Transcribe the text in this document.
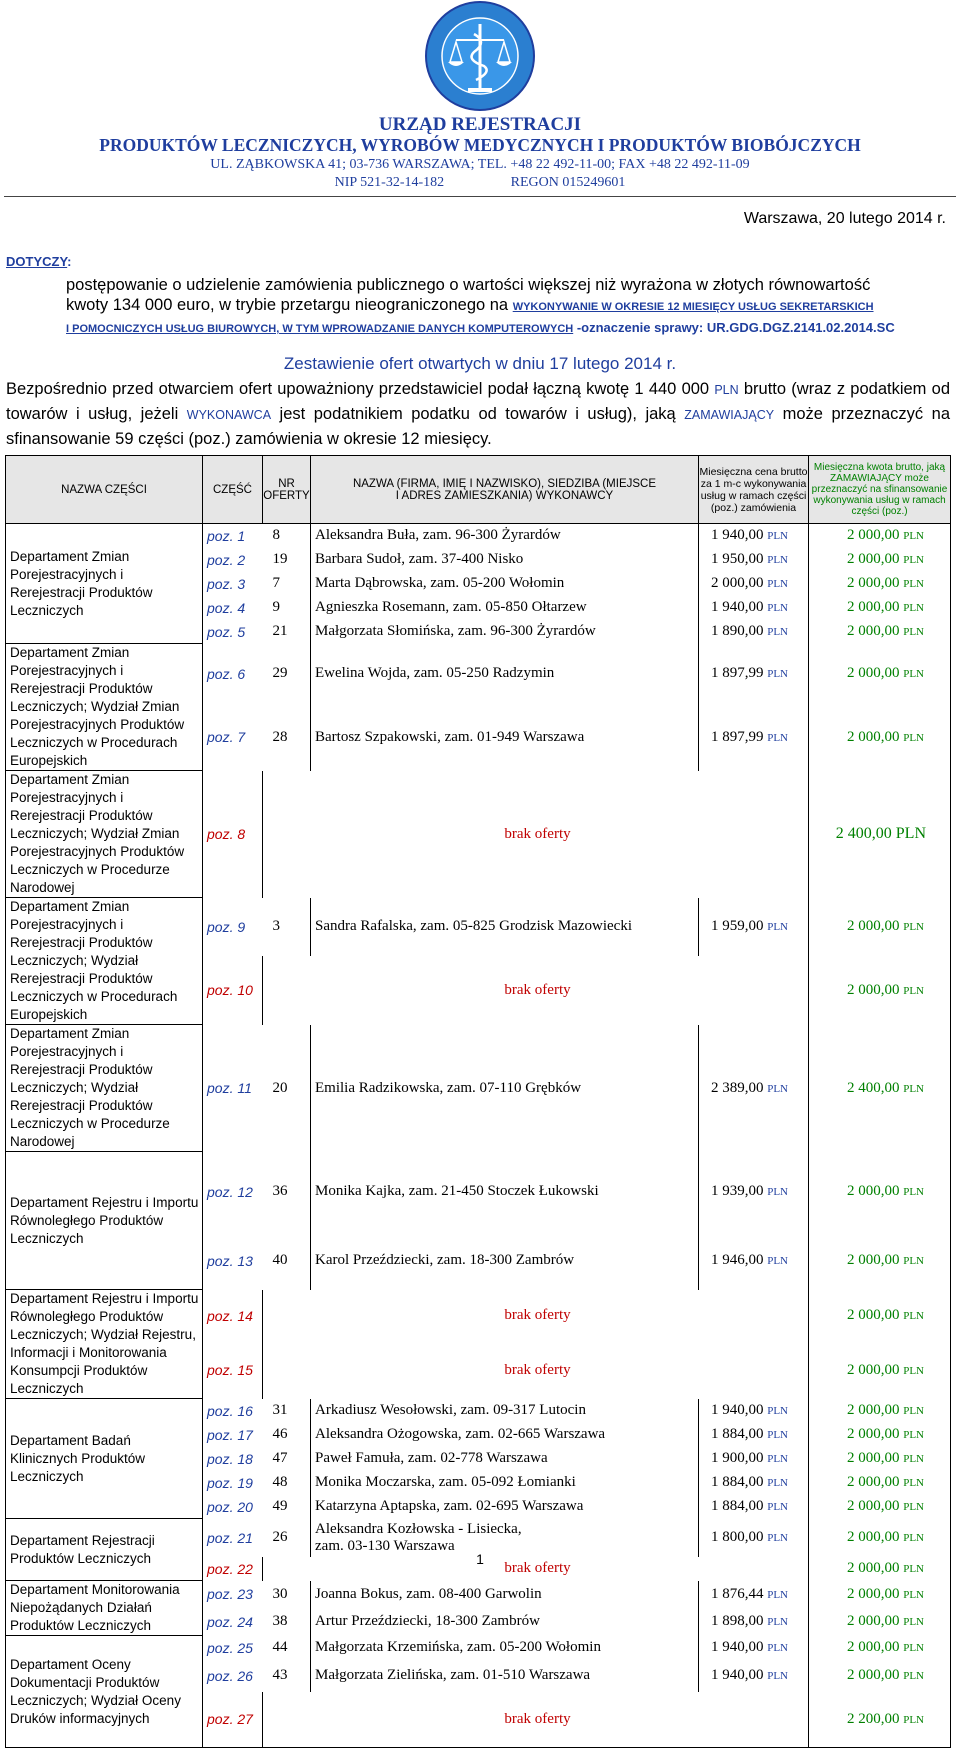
URZĄD REJESTRACJI
PRODUKTÓW LECZNICZYCH, WYROBÓW MEDYCZNYCH I PRODUKTÓW BIOBÓJCZYCH
UL. ZĄBKOWSKA 41; 03-736 WARSZAWA; TEL. +48 22 492-11-00; FAX +48 22 492-11-09
NIP 521-32-14-182                   REGON 015249601
Warszawa, 20 lutego 2014 r.
DOTYCZY:
postępowanie o udzielenie zamówienia publicznego o wartości większej niż wyrażona w złotych równowartość
kwoty 134 000 euro, w trybie przetargu nieograniczonego na WYKONYWANIE W OKRESIE 12 MIESIĘCY USŁUG SEKRETARSKICH
I POMOCNICZYCH USŁUG BIUROWYCH, W TYM WPROWADZANIE DANYCH KOMPUTEROWYCH -oznaczenie sprawy: UR.GDG.DGZ.2141.02.2014.SC
Zestawienie ofert otwartych w dniu 17 lutego 2014 r.
Bezpośrednio przed otwarciem ofert upoważniony przedstawiciel podał łączną kwotę 1 440 000 PLN brutto (wraz z podatkiem od towarów i usług, jeżeli WYKONAWCA jest podatnikiem podatku od towarów i usług), jaką ZAMAWIAJĄCY może przeznaczyć na sfinansowanie 59 części (poz.) zamówienia w okresie 12 miesięcy.
NAZWA CZĘŚCI	CZĘŚĆ	NR OFERTY	NAZWA (FIRMA, IMIĘ I NAZWISKO), SIEDZIBA (MIEJSCE I ADRES ZAMIESZKANIA) WYKONAWCY	Miesięczna cena brutto za 1 m-c wykonywania usług w ramach części (poz.) zamówienia	Miesięczna kwota brutto, jaką ZAMAWIAJĄCY może przeznaczyć na sfinansowanie wykonywania usług w ramach części (poz.)
Departament Zmian Porejestracyjnych i Rerejestracji Produktów Leczniczych	poz. 1	8	Aleksandra Buła, zam. 96-300 Żyrardów	1 940,00 PLN	2 000,00 PLN
	poz. 2	19	Barbara Sudoł, zam. 37-400 Nisko	1 950,00 PLN	2 000,00 PLN
	poz. 3	7	Marta Dąbrowska, zam. 05-200 Wołomin	2 000,00 PLN	2 000,00 PLN
	poz. 4	9	Agnieszka Rosemann, zam. 05-850 Ołtarzew	1 940,00 PLN	2 000,00 PLN
	poz. 5	21	Małgorzata Słomińska, zam. 96-300 Żyrardów	1 890,00 PLN	2 000,00 PLN
Departament Zmian Porejestracyjnych i Rerejestracji Produktów Leczniczych; Wydział Zmian Porejestracyjnych Produktów Leczniczych w Procedurach Europejskich	poz. 6	29	Ewelina Wojda, zam. 05-250 Radzymin	1 897,99 PLN	2 000,00 PLN
	poz. 7	28	Bartosz Szpakowski, zam. 01-949 Warszawa	1 897,99 PLN	2 000,00 PLN
Departament Zmian Porejestracyjnych i Rerejestracji Produktów Leczniczych; Wydział Zmian Porejestracyjnych Produktów Leczniczych w Procedurze Narodowej	poz. 8	brak oferty			2 400,00 PLN
Departament Zmian Porejestracyjnych i Rerejestracji Produktów Leczniczych; Wydział Rerejestracji Produktów Leczniczych w Procedurach Europejskich	poz. 9	3	Sandra Rafalska, zam. 05-825 Grodzisk Mazowiecki	1 959,00 PLN	2 000,00 PLN
	poz. 10	brak oferty			2 000,00 PLN
Departament Zmian Porejestracyjnych i Rerejestracji Produktów Leczniczych; Wydział Rerejestracji Produktów Leczniczych w Procedurze Narodowej	poz. 11	20	Emilia Radzikowska, zam. 07-110 Grębków	2 389,00 PLN	2 400,00 PLN
Departament Rejestru i Importu Równoległego Produktów Leczniczych	poz. 12	36	Monika Kajka, zam. 21-450 Stoczek Łukowski	1 939,00 PLN	2 000,00 PLN
	poz. 13	40	Karol Przeździecki, zam. 18-300 Zambrów	1 946,00 PLN	2 000,00 PLN
Departament Rejestru i Importu Równoległego Produktów Leczniczych; Wydział Rejestru, Informacji i Monitorowania Konsumpcji Produktów Leczniczych	poz. 14	brak oferty			2 000,00 PLN
	poz. 15	brak oferty			2 000,00 PLN
Departament Badań Klinicznych Produktów Leczniczych	poz. 16	31	Arkadiusz Wesołowski, zam. 09-317 Lutocin	1 940,00 PLN	2 000,00 PLN
	poz. 17	46	Aleksandra Ożogowska, zam. 02-665 Warszawa	1 884,00 PLN	2 000,00 PLN
	poz. 18	47	Paweł Famuła, zam. 02-778 Warszawa	1 900,00 PLN	2 000,00 PLN
	poz. 19	48	Monika Moczarska, zam. 05-092 Łomianki	1 884,00 PLN	2 000,00 PLN
	poz. 20	49	Katarzyna Aptapska, zam. 02-695 Warszawa	1 884,00 PLN	2 000,00 PLN
Departament Rejestracji Produktów Leczniczych	poz. 21	26	Aleksandra Kozłowska - Lisiecka,
zam. 03-130 Warszawa	1 800,00 PLN	2 000,00 PLN
	poz. 22	brak oferty			2 000,00 PLN
Departament Monitorowania Niepożądanych Działań Produktów Leczniczych	poz. 23	30	Joanna Bokus, zam. 08-400 Garwolin	1 876,44 PLN	2 000,00 PLN
	poz. 24	38	Artur Przeździecki, 18-300 Zambrów	1 898,00 PLN	2 000,00 PLN
Departament Oceny Dokumentacji Produktów Leczniczych; Wydział Oceny Druków informacyjnych	poz. 25	44	Małgorzata Krzemińska, zam. 05-200 Wołomin	1 940,00 PLN	2 000,00 PLN
	poz. 26	43	Małgorzata Zielińska, zam. 01-510 Warszawa	1 940,00 PLN	2 000,00 PLN
	poz. 27	brak oferty			2 200,00 PLN
1
